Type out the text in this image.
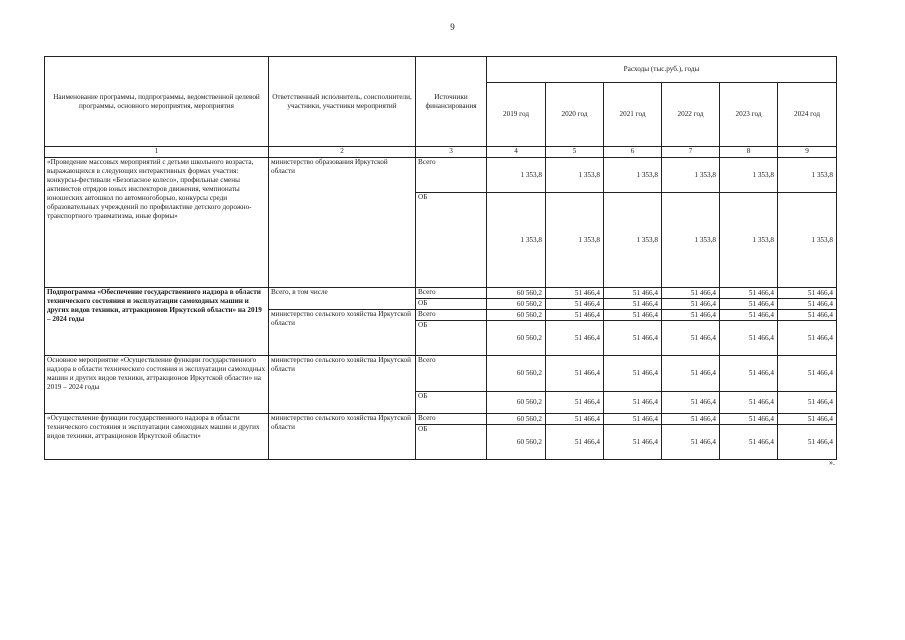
9
Наименование программы, подпрограммы, ведомственной целевой программы, основного мероприятия, мероприятия	Ответственный исполнитель, соисполнители, участники, участники мероприятий	Источники финансирования	Расходы (тыс.руб.), годы					
			2019 год	2020 год	2021 год	2022 год	2023 год	2024 год
1	2	3	4	5	6	7	8	9
«Проведение массовых мероприятий с детьми школьного возраста, выражающихся в следующих интерактивных формах участия: конкурсы-фестивали «Безопасное колесо», профильные смены активистов отрядов юных инспекторов движения, чемпионаты юношеских автошкол по автомногоборью, конкурсы среди образовательных учреждений по профилактике детского дорожно-транспортного травматизма, иные формы»	министерство образования Иркутской области	Всего	1 353,8	1 353,8	1 353,8	1 353,8	1 353,8	1 353,8
		ОБ	1 353,8	1 353,8	1 353,8	1 353,8	1 353,8	1 353,8
Подпрограмма «Обеспечение государственного надзора в области технического состояния и эксплуатации самоходных машин и других видов техники, аттракционов Иркутской области» на 2019 – 2024 годы	Всего, в том числе	Всего	60 560,2	51 466,4	51 466,4	51 466,4	51 466,4	51 466,4
		ОБ	60 560,2	51 466,4	51 466,4	51 466,4	51 466,4	51 466,4
	министерство сельского хозяйства Иркутской области	Всего	60 560,2	51 466,4	51 466,4	51 466,4	51 466,4	51 466,4
		ОБ	60 560,2	51 466,4	51 466,4	51 466,4	51 466,4	51 466,4
Основное мероприятие «Осуществление функции государственного надзора в области технического состояния и эксплуатации самоходных машин и других видов техники, аттракционов Иркутской области» на 2019 – 2024 годы	министерство сельского хозяйства Иркутской области	Всего	60 560,2	51 466,4	51 466,4	51 466,4	51 466,4	51 466,4
		ОБ	60 560,2	51 466,4	51 466,4	51 466,4	51 466,4	51 466,4
«Осуществление функции государственного надзора в области технического состояния и эксплуатации самоходных машин и других видов техники, аттракционов Иркутской области»	министерство сельского хозяйства Иркутской области	Всего	60 560,2	51 466,4	51 466,4	51 466,4	51 466,4	51 466,4
		ОБ	60 560,2	51 466,4	51 466,4	51 466,4	51 466,4	51 466,4
».
